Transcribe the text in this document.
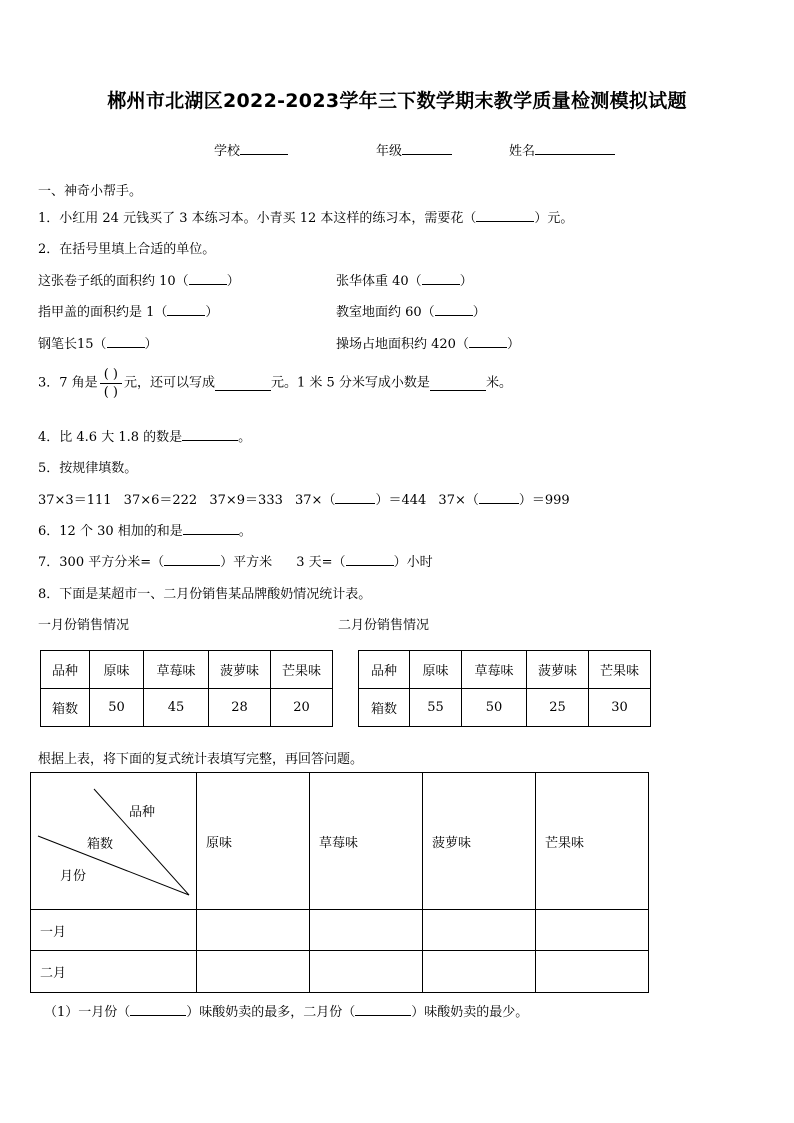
郴州市北湖区2022-2023学年三下数学期末教学质量检测模拟试题
学校	年级	姓名
一、神奇小帮手。
1．小红用 24 元钱买了 3 本练习本。小青买 12 本这样的练习本，需要花（	）元。
2．在括号里填上合适的单位。
这张卷子纸的面积约 10（	）	张华体重 40（	）
指甲盖的面积约是 1（	）	教室地面约 60（	）
钢笔长15（	）	操场占地面积约 420（	）
3．7 角是 $\frac{( )}{( )}$ 元，还可以写成	元。1 米 5 分米写成小数是	米。
4．比 4.6 大 1.8 的数是	。
5．按规律填数。
37×3＝111 37×6＝222 37×9＝333 37×（	）＝444 37×（	）＝999
6．12 个 30 相加的和是	。
7．300 平方分米=（	）平方米 3 天=（	）小时
8．下面是某超市一、二月份销售某品牌酸奶情况统计表。
一月份销售情况	二月份销售情况
品种	原味	草莓味	菠萝味	芒果味
箱数	50	45	28	20
品种	原味	草莓味	菠萝味	芒果味
箱数	55	50	25	30
根据上表，将下面的复式统计表填写完整，再回答问题。
品种
箱数
月份	原味	草莓味	菠萝味	芒果味
一月				
二月				
（1）一月份（	）味酸奶卖的最多，二月份（	）味酸奶卖的最少。
